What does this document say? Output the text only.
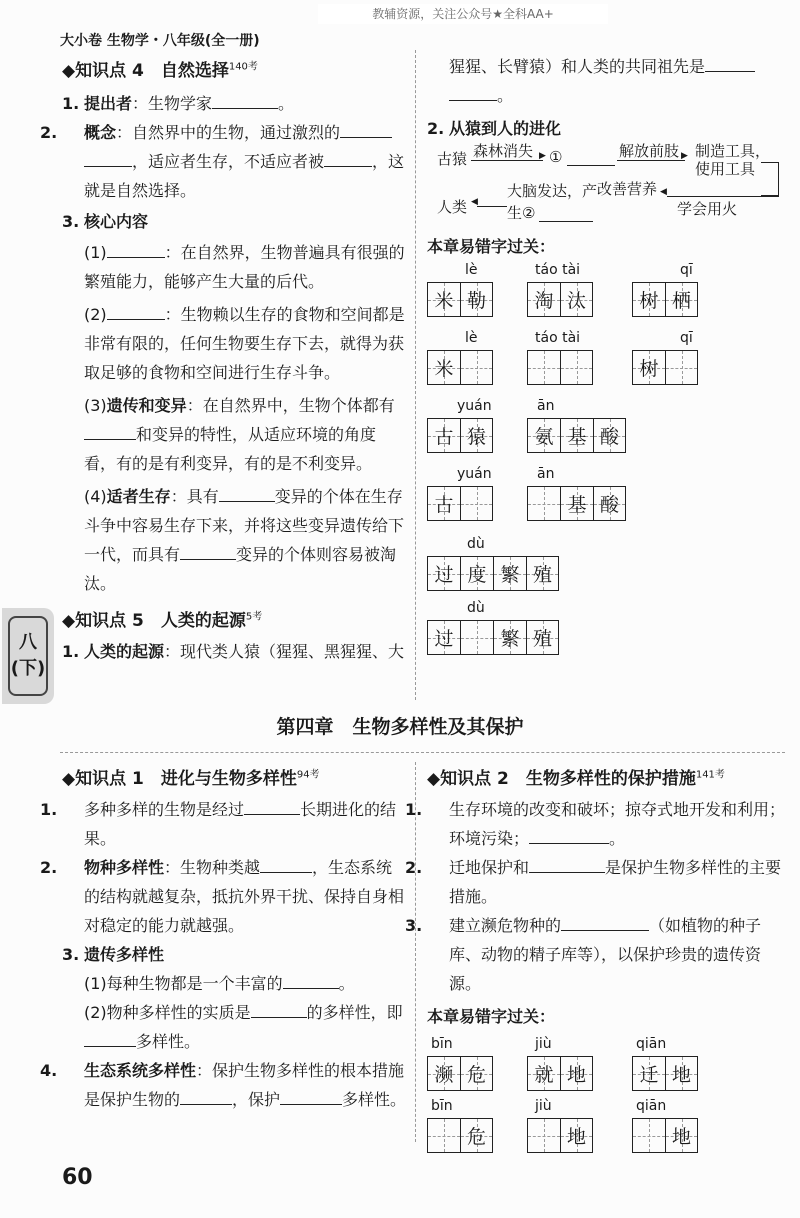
大小卷 生物学・八年级(全一册)
教辅资源，关注公众号★全科AA+
八
(下)
◆知识点 4　自然选择$^{140考}$
1. 提出者：生物学家	。
2. 概念：自然界中的生物，通过激烈的，适应者生存，不适应者被	，这就是自然选择。
3. 核心内容
(1)	：在自然界，生物普遍具有很强的繁殖能力，能够产生大量的后代。
(2)	：生物赖以生存的食物和空间都是非常有限的，任何生物要生存下去，就得为获取足够的食物和空间进行生存斗争。
(3)遗传和变异：在自然界中，生物个体都有和变异的特性，从适应环境的角度看，有的是有利变异，有的是不利变异。
(4)适者生存：具有	变异的个体在生存斗争中容易生存下来，并将这些变异遗传给下一代，而具有	变异的个体则容易被淘汰。
◆知识点 5　人类的起源$^{5考}$
1. 人类的起源：现代类人猿（猩猩、黑猩猩、大
猩猩、长臂猿）和人类的共同祖先是
。
2. 从猿到人的进化
古猿 森林消失 ▶ ①	解放前肢 ▶ 制造工具，
使用工具
◀
改善营养
学会用火
人类 ◀
大脑发达，产
生②
本章易错字过关：
lè
米 勒
táo tài
淘 汰
qī
树 栖
lè
米
táo tài	qī
树
yuán
古 猿
ān
氨 基 酸
yuán
古
ān
基 酸
dù
过 度 繁 殖
dù
过 繁 殖
第四章　生物多样性及其保护
◆知识点 1　进化与生物多样性$^{94考}$
1. 多种多样的生物是经过	长期进化的结果。
2. 物种多样性：生物种类越	，生态系统的结构就越复杂，抵抗外界干扰、保持自身相对稳定的能力就越强。
3. 遗传多样性
(1)每种生物都是一个丰富的	。
(2)物种多样性的实质是	的多样性，即多样性。
4. 生态系统多样性：保护生物多样性的根本措施是保护生物的	，保护	多样性。
◆知识点 2　生物多样性的保护措施$^{141考}$
1. 生存环境的改变和破坏；掠夺式地开发和利用；环境污染；	。
2. 迁地保护和	是保护生物多样性的主要措施。
3. 建立濒危物种的	（如植物的种子库、动物的精子库等），以保护珍贵的遗传资源。
本章易错字过关：
bīn
濒 危
jiù
就 地
qiān
迁 地
bīn
危
jiù
地
qiān
地
60
